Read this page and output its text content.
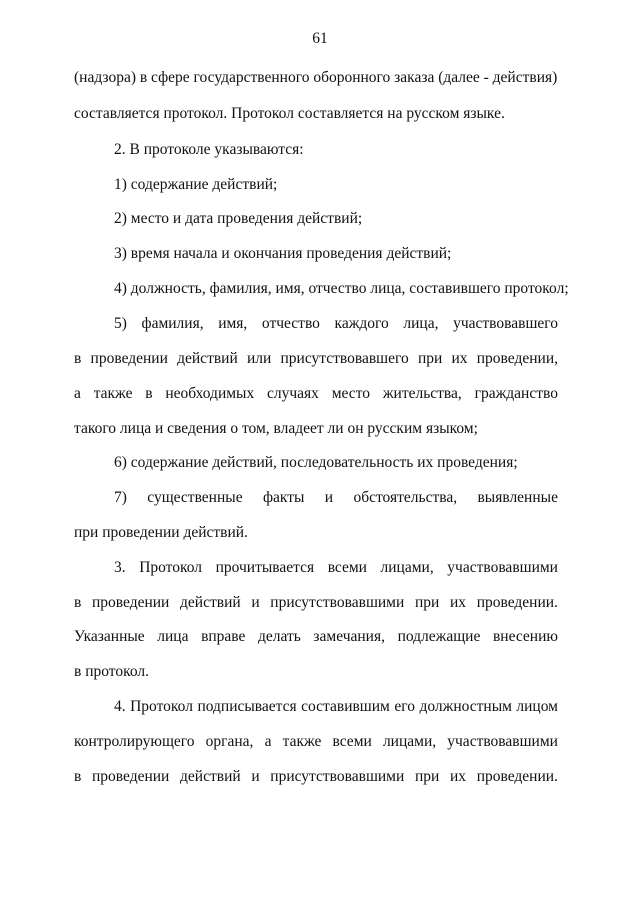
61
(надзора) в сфере государственного оборонного заказа (далее - действия)
составляется протокол. Протокол составляется на русском языке.
2. В протоколе указываются:
1) содержание действий;
2) место и дата проведения действий;
3) время начала и окончания проведения действий;
4) должность, фамилия, имя, отчество лица, составившего протокол;
5) фамилия, имя, отчество каждого лица, участвовавшего
в проведении действий или присутствовавшего при их проведении,
а также в необходимых случаях место жительства, гражданство
такого лица и сведения о том, владеет ли он русским языком;
6) содержание действий, последовательность их проведения;
7) существенные факты и обстоятельства, выявленные
при проведении действий.
3. Протокол прочитывается всеми лицами, участвовавшими
в проведении действий и присутствовавшими при их проведении.
Указанные лица вправе делать замечания, подлежащие внесению
в протокол.
4. Протокол подписывается составившим его должностным лицом
контролирующего органа, а также всеми лицами, участвовавшими
в проведении действий и присутствовавшими при их проведении.
